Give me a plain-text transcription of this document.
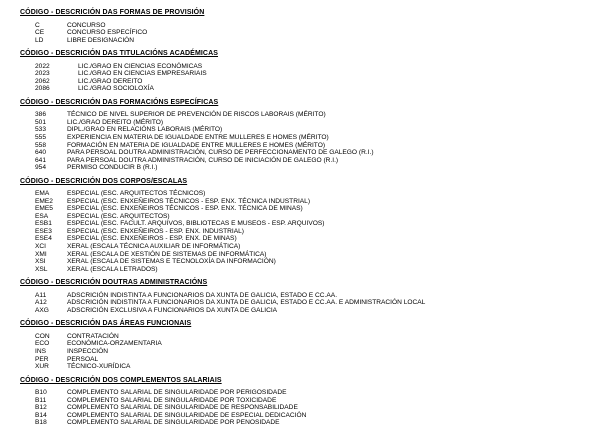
CÓDIGO - DESCRICIÓN DAS FORMAS DE PROVISIÓN
C	CONCURSO
CE	CONCURSO ESPECÍFICO
LD	LIBRE DESIGNACIÓN
CÓDIGO - DESCRICIÓN DAS TITULACIÓNS ACADÉMICAS
2022	LIC./GRAO EN CIENCIAS ECONÓMICAS
2023	LIC./GRAO EN CIENCIAS EMPRESARIAIS
2062	LIC./GRAO DEREITO
2086	LIC./GRAO SOCIOLOXÍA
CÓDIGO - DESCRICIÓN DAS FORMACIÓNS ESPECÍFICAS
386	TÉCNICO DE NIVEL SUPERIOR DE PREVENCIÓN DE RISCOS LABORAIS (MÉRITO)
501	LIC./GRAO DEREITO (MÉRITO)
533	DIPL./GRAO EN RELACIÓNS LABORAIS (MÉRITO)
555	EXPERIENCIA EN MATERIA DE IGUALDADE ENTRE MULLERES E HOMES (MÉRITO)
558	FORMACIÓN EN MATERIA DE IGUALDADE ENTRE MULLERES E HOMES (MÉRITO)
640	PARA PERSOAL DOUTRA ADMINISTRACIÓN, CURSO DE PERFECCIONAMENTO DE GALEGO (R.I.)
641	PARA PERSOAL DOUTRA ADMINISTRACIÓN, CURSO DE INICIACIÓN DE GALEGO (R.I.)
954	PERMISO CONDUCIR B (R.I.)
CÓDIGO - DESCRICIÓN DOS CORPOS/ESCALAS
EMA	ESPECIAL (ESC. ARQUITECTOS TÉCNICOS)
EME2	ESPECIAL (ESC. ENXEÑEIROS TÉCNICOS - ESP. ENX. TÉCNICA INDUSTRIAL)
EME5	ESPECIAL (ESC. ENXEÑEIROS TÉCNICOS - ESP. ENX. TÉCNICA DE MINAS)
ESA	ESPECIAL (ESC. ARQUITECTOS)
ESB1	ESPECIAL (ESC. FACULT. ARQUIVOS, BIBLIOTECAS E MUSEOS - ESP. ARQUIVOS)
ESE3	ESPECIAL (ESC. ENXEÑEIROS - ESP. ENX. INDUSTRIAL)
ESE4	ESPECIAL (ESC. ENXEÑEIROS - ESP. ENX. DE MINAS)
XCI	XERAL (ESCALA TÉCNICA AUXILIAR DE INFORMÁTICA)
XMI	XERAL (ESCALA DE XESTIÓN DE SISTEMAS DE INFORMÁTICA)
XSI	XERAL (ESCALA DE SISTEMAS E TECNOLOXÍA DA INFORMACIÓN)
XSL	XERAL (ESCALA LETRADOS)
CÓDIGO - DESCRICIÓN DOUTRAS ADMINISTRACIÓNS
A11	ADSCRICIÓN INDISTINTA A FUNCIONARIOS DA XUNTA DE GALICIA, ESTADO E CC.AA.
A12	ADSCRICIÓN INDISTINTA A FUNCIONARIOS DA XUNTA DE GALICIA, ESTADO E CC.AA. E ADMINISTRACIÓN LOCAL
AXG	ADSCRICIÓN EXCLUSIVA A FUNCIONARIOS DA XUNTA DE GALICIA
CÓDIGO - DESCRICIÓN DAS ÁREAS FUNCIONAIS
CON	CONTRATACIÓN
ECO	ECONÓMICA-ORZAMENTARIA
INS	INSPECCIÓN
PER	PERSOAL
XUR	TÉCNICO-XURÍDICA
CÓDIGO - DESCRICIÓN DOS COMPLEMENTOS SALARIAIS
B10	COMPLEMENTO SALARIAL DE SINGULARIDADE POR PERIGOSIDADE
B11	COMPLEMENTO SALARIAL DE SINGULARIDADE POR TOXICIDADE
B12	COMPLEMENTO SALARIAL DE SINGULARIDADE DE RESPONSABILIDADE
B14	COMPLEMENTO SALARIAL DE SINGULARIDADE DE ESPECIAL DEDICACIÓN
B18	COMPLEMENTO SALARIAL DE SINGULARIDADE POR PENOSIDADE
